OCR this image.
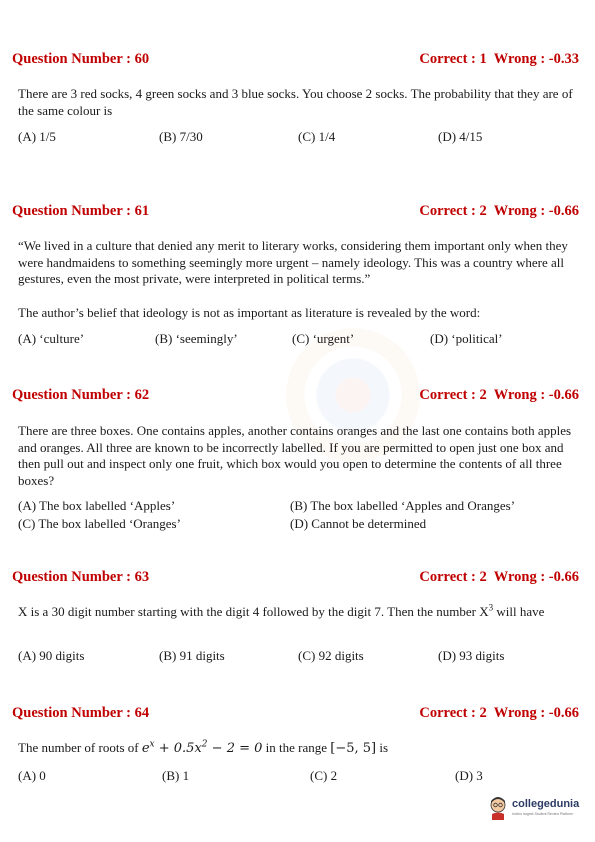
Question Number : 60	Correct : 1  Wrong : -0.33
There are 3 red socks, 4 green socks and 3 blue socks. You choose 2 socks. The probability that they are of the same colour is
(A) 1/5	(B) 7/30	(C) 1/4	(D) 4/15
Question Number : 61	Correct : 2  Wrong : -0.66
“We lived in a culture that denied any merit to literary works, considering them important only when they were handmaidens to something seemingly more urgent – namely ideology. This was a country where all gestures, even the most private, were interpreted in political terms.”
The author’s belief that ideology is not as important as literature is revealed by the word:
(A) ‘culture’	(B) ‘seemingly’	(C) ‘urgent’	(D) ‘political’
Question Number : 62	Correct : 2  Wrong : -0.66
There are three boxes. One contains apples, another contains oranges and the last one contains both apples and oranges. All three are known to be incorrectly labelled. If you are permitted to open just one box and then pull out and inspect only one fruit, which box would you open to determine the contents of all three boxes?
(A) The box labelled ‘Apples’	(B) The box labelled ‘Apples and Oranges’
(C) The box labelled ‘Oranges’	(D) Cannot be determined
Question Number : 63	Correct : 2  Wrong : -0.66
X is a 30 digit number starting with the digit 4 followed by the digit 7. Then the number $X^3$ will have
(A) 90 digits	(B) 91 digits	(C) 92 digits	(D) 93 digits
Question Number : 64	Correct : 2  Wrong : -0.66
The number of roots of $e^x + 0.5x^2 - 2 = 0$ in the range [−5, 5] is
(A) 0	(B) 1	(C) 2	(D) 3
collegedunia
India's largest Student Review Platform
